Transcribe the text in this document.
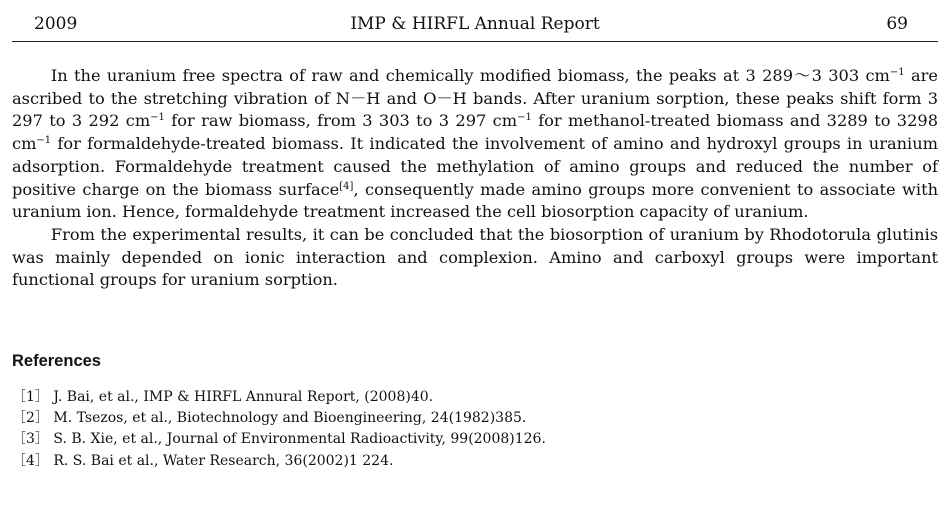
2009	IMP & HIRFL Annual Report	69

In the uranium free spectra of raw and chemically modified biomass, the peaks at 3 289～3 303 $cm^{-1}$ are ascribed to the stretching vibration of N－H and O－H bands. After uranium sorption, these peaks shift form 3 297 to 3 292 $cm^{-1}$ for raw biomass, from 3 303 to 3 297 $cm^{-1}$ for methanol-treated biomass and 3289 to 3298 $cm^{-1}$ for formaldehyde-treated biomass. It indicated the involvement of amino and hydroxyl groups in uranium adsorption. Formaldehyde treatment caused the methylation of amino groups and reduced the number of positive charge on the biomass surface[4], consequently made amino groups more convenient to associate with uranium ion. Hence, formaldehyde treatment increased the cell biosorption capacity of uranium.

From the experimental results, it can be concluded that the biosorption of uranium by Rhodotorula glutinis was mainly depended on ionic interaction and complexion. Amino and carboxyl groups were important functional groups for uranium sorption.

References
［1］ J. Bai, et al., IMP & HIRFL Annural Report, (2008)40.
［2］ M. Tsezos, et al., Biotechnology and Bioengineering, 24(1982)385.
［3］ S. B. Xie, et al., Journal of Environmental Radioactivity, 99(2008)126.
［4］ R. S. Bai et al., Water Research, 36(2002)1 224.
